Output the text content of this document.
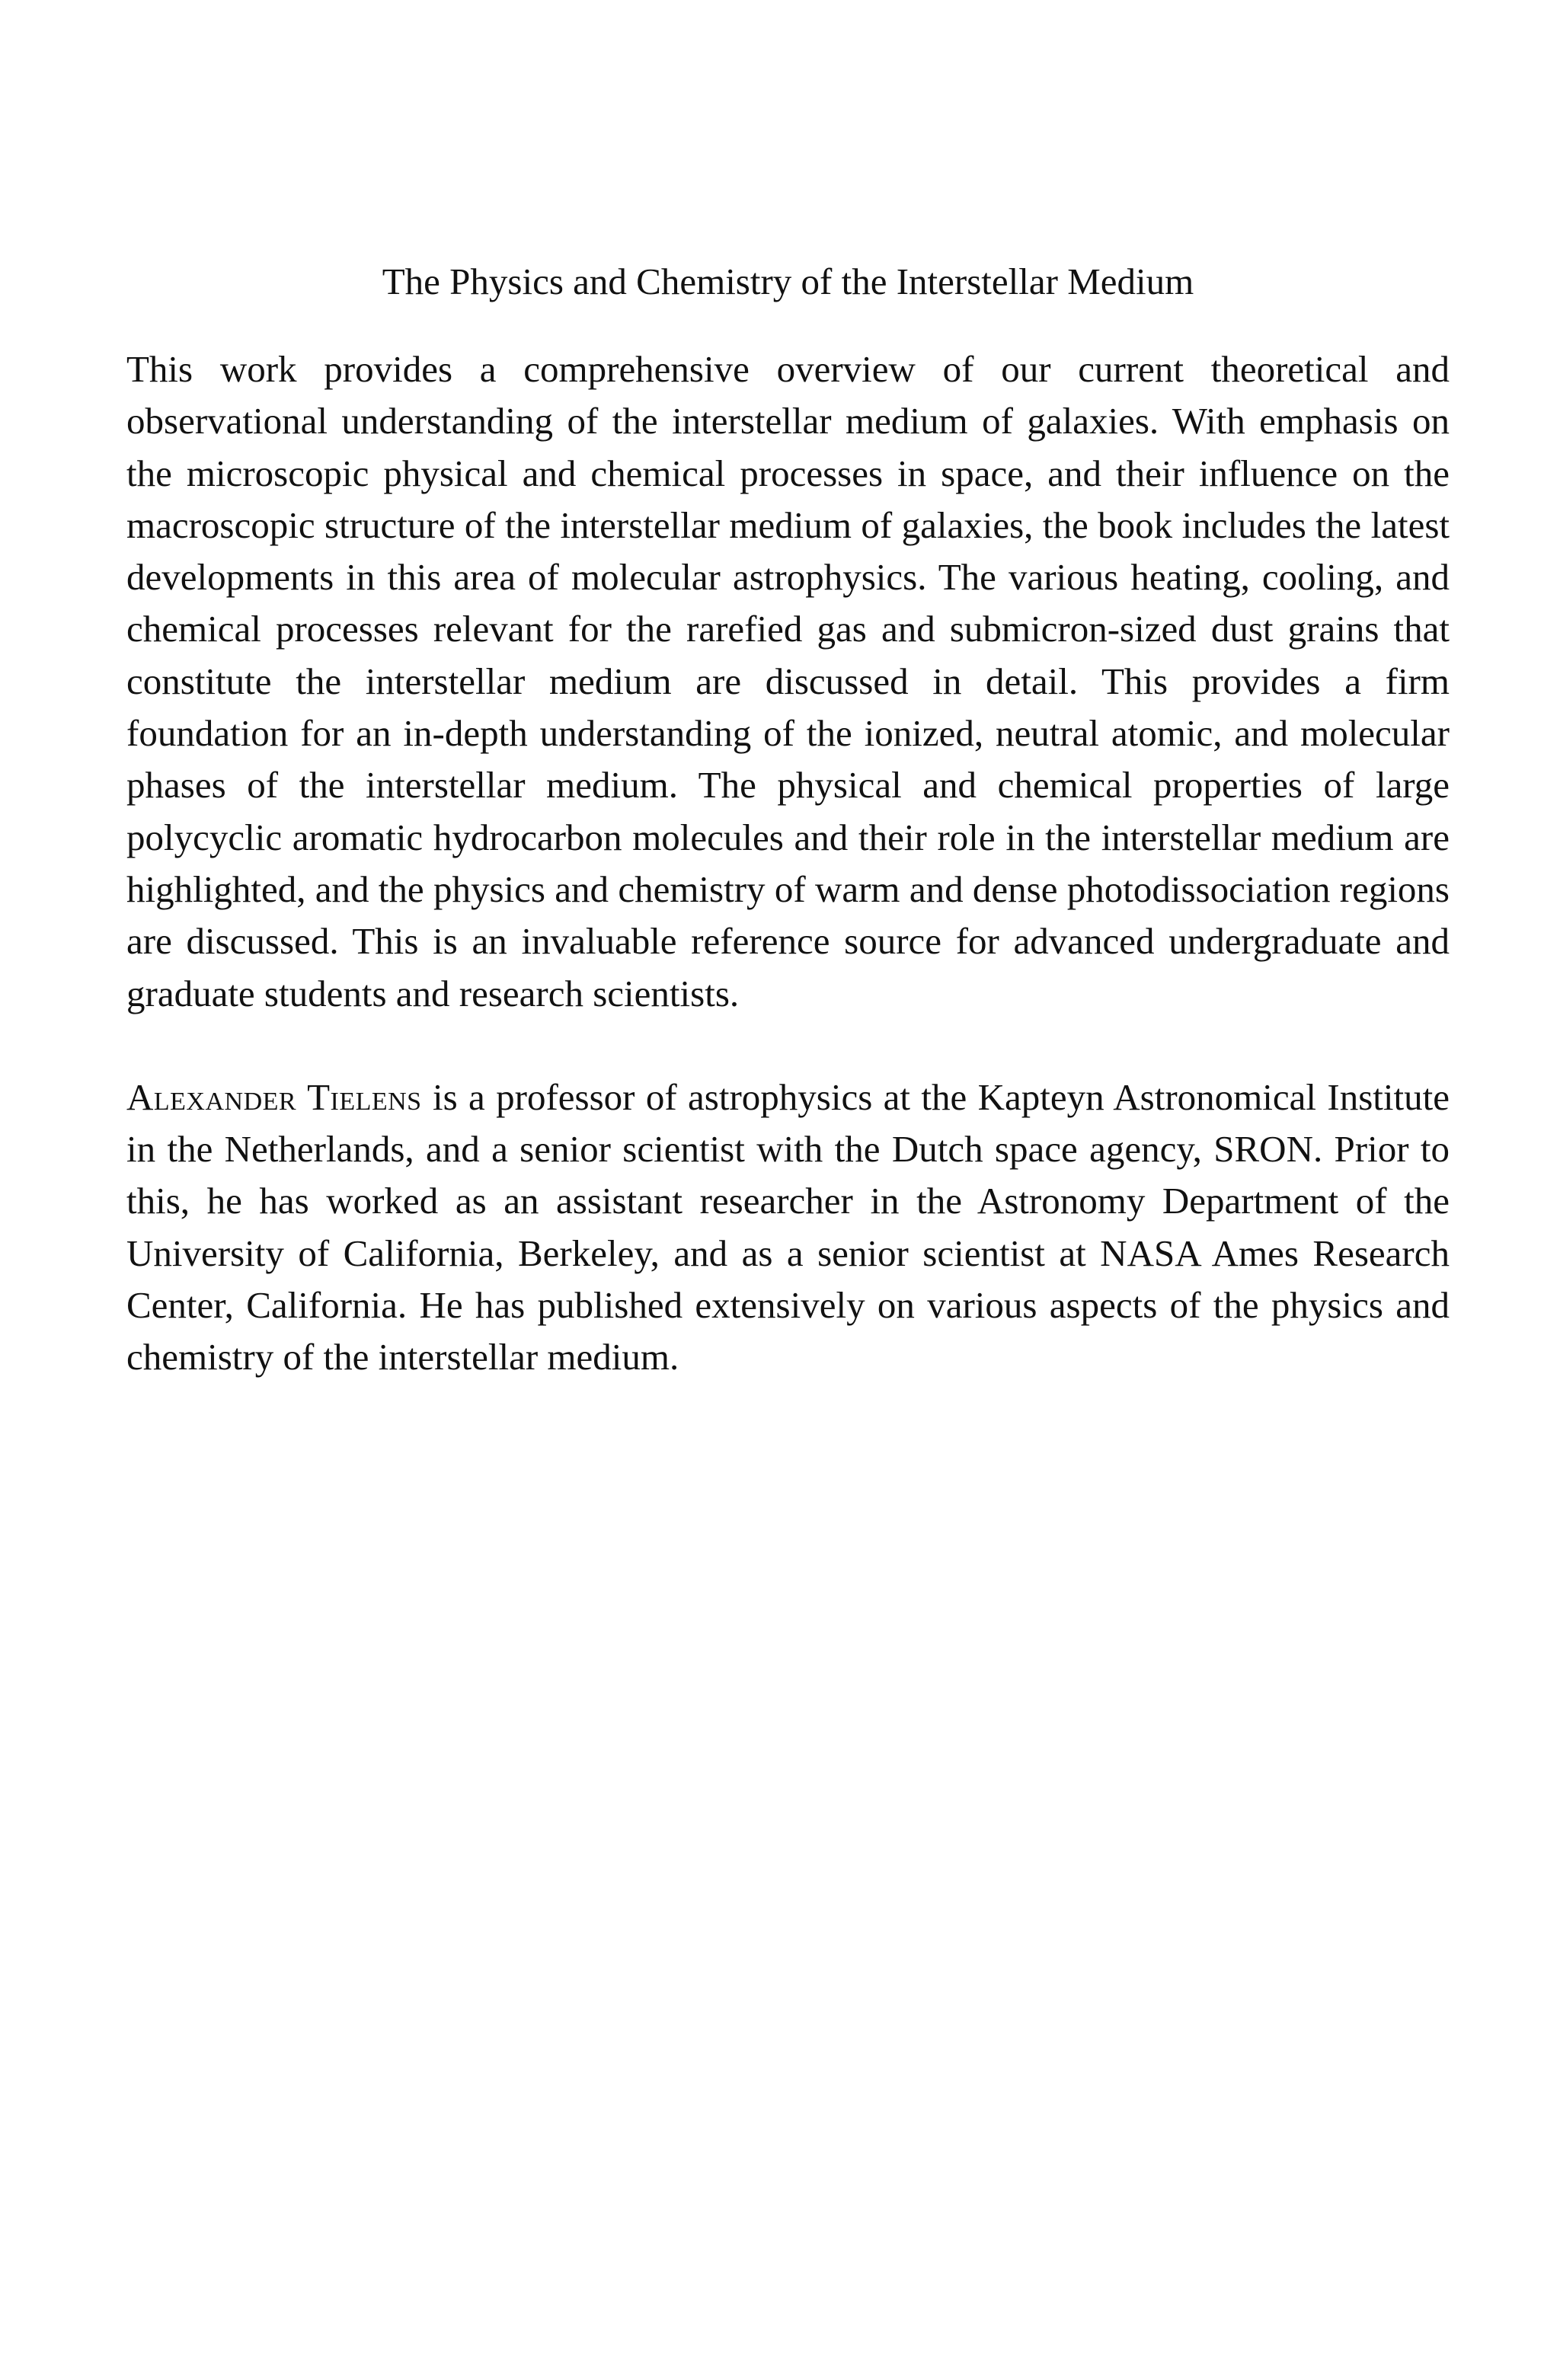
The Physics and Chemistry of the Interstellar Medium

This work provides a comprehensive overview of our current theoretical and observational understanding of the interstellar medium of galaxies. With emphasis on the microscopic physical and chemical processes in space, and their influence on the macroscopic structure of the interstellar medium of galaxies, the book includes the latest developments in this area of molecular astrophysics. The various heating, cooling, and chemical processes relevant for the rarefied gas and submicron-sized dust grains that constitute the interstellar medium are discussed in detail. This provides a firm foundation for an in-depth understanding of the ionized, neutral atomic, and molecular phases of the interstellar medium. The physical and chemical properties of large polycyclic aromatic hydrocarbon molecules and their role in the interstellar medium are highlighted, and the physics and chemistry of warm and dense photodissociation regions are discussed. This is an invaluable reference source for advanced undergraduate and graduate students and research scientists.

Alexander Tielens is a professor of astrophysics at the Kapteyn Astronomical Institute in the Netherlands, and a senior scientist with the Dutch space agency, SRON. Prior to this, he has worked as an assistant researcher in the Astronomy Department of the University of California, Berkeley, and as a senior scientist at NASA Ames Research Center, California. He has published extensively on various aspects of the physics and chemistry of the interstellar medium.
